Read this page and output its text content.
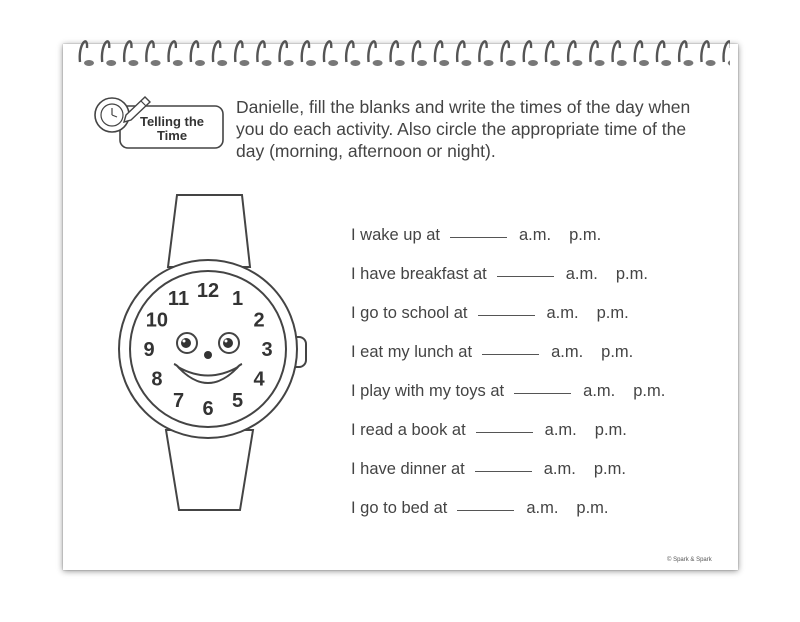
Telling the
Time
Danielle, fill the blanks and write the times of the day when you do each activity. Also circle the appropriate time of the day (morning, afternoon or night).
12 1
2
3
4
5
6
7
8
9
10
11
I wake up at	a.m. p.m.
I have breakfast at	a.m. p.m.
I go to school at	a.m. p.m.
I eat my lunch at	a.m. p.m.
I play with my toys at	a.m. p.m.
I read a book at	a.m. p.m.
I have dinner at	a.m. p.m.
I go to bed at	a.m. p.m.
© Spark & Spark
